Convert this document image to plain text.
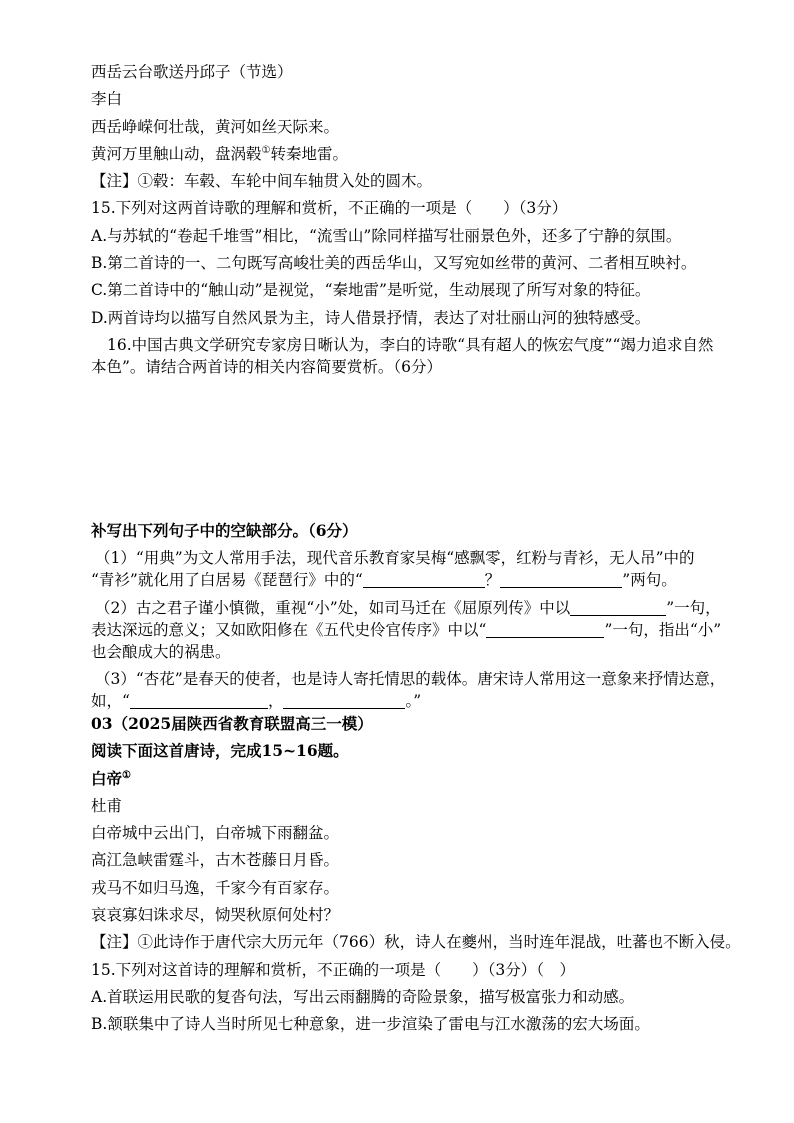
西岳云台歌送丹邱子（节选）
李白
西岳峥嵘何壮哉，黄河如丝天际来。
黄河万里触山动，盘涡毂①转秦地雷。
【注】①毂：车毂、车轮中间车轴贯入处的圆木。
15.下列对这两首诗歌的理解和赏析，不正确的一项是（　　）（3分）
A.与苏轼的“卷起千堆雪”相比，“流雪山”除同样描写壮丽景色外，还多了宁静的氛围。
B.第二首诗的一、二句既写高峻壮美的西岳华山，又写宛如丝带的黄河、二者相互映衬。
C.第二首诗中的“触山动”是视觉，“秦地雷”是听觉，生动展现了所写对象的特征。
D.两首诗均以描写自然风景为主，诗人借景抒情，表达了对壮丽山河的独特感受。
16.中国古典文学研究专家房日晰认为，李白的诗歌“具有超人的恢宏气度”“竭力追求自然
本色”。请结合两首诗的相关内容简要赏析。（6分）
补写出下列句子中的空缺部分。（6分）
（1）“用典”为文人常用手法，现代音乐教育家吴梅“感飘零，红粉与青衫，无人吊”中的
“青衫”就化用了白居易《琵琶行》中的“	？	”两句。
（2）古之君子谨小慎微，重视“小”处，如司马迁在《屈原列传》中以	”一句，
表达深远的意义；又如欧阳修在《五代史伶官传序》中以“	”一句，指出“小”
也会酿成大的祸患。
（3）“杏花”是春天的使者，也是诗人寄托情思的载体。唐宋诗人常用这一意象来抒情达意，
如，“	，	。”
03（2025届陕西省教育联盟高三一模）
阅读下面这首唐诗，完成15~16题。
白帝①
杜甫
白帝城中云出门，白帝城下雨翻盆。
高江急峡雷霆斗，古木苍藤日月昏。
戎马不如归马逸，千家今有百家存。
哀哀寡妇诛求尽，恸哭秋原何处村？
【注】①此诗作于唐代宗大历元年（766）秋，诗人在夔州，当时连年混战，吐蕃也不断入侵。
15.下列对这首诗的理解和赏析，不正确的一项是（　　）（3分）（　）
A.首联运用民歌的复沓句法，写出云雨翻腾的奇险景象，描写极富张力和动感。
B.颔联集中了诗人当时所见七种意象，进一步渲染了雷电与江水激荡的宏大场面。
